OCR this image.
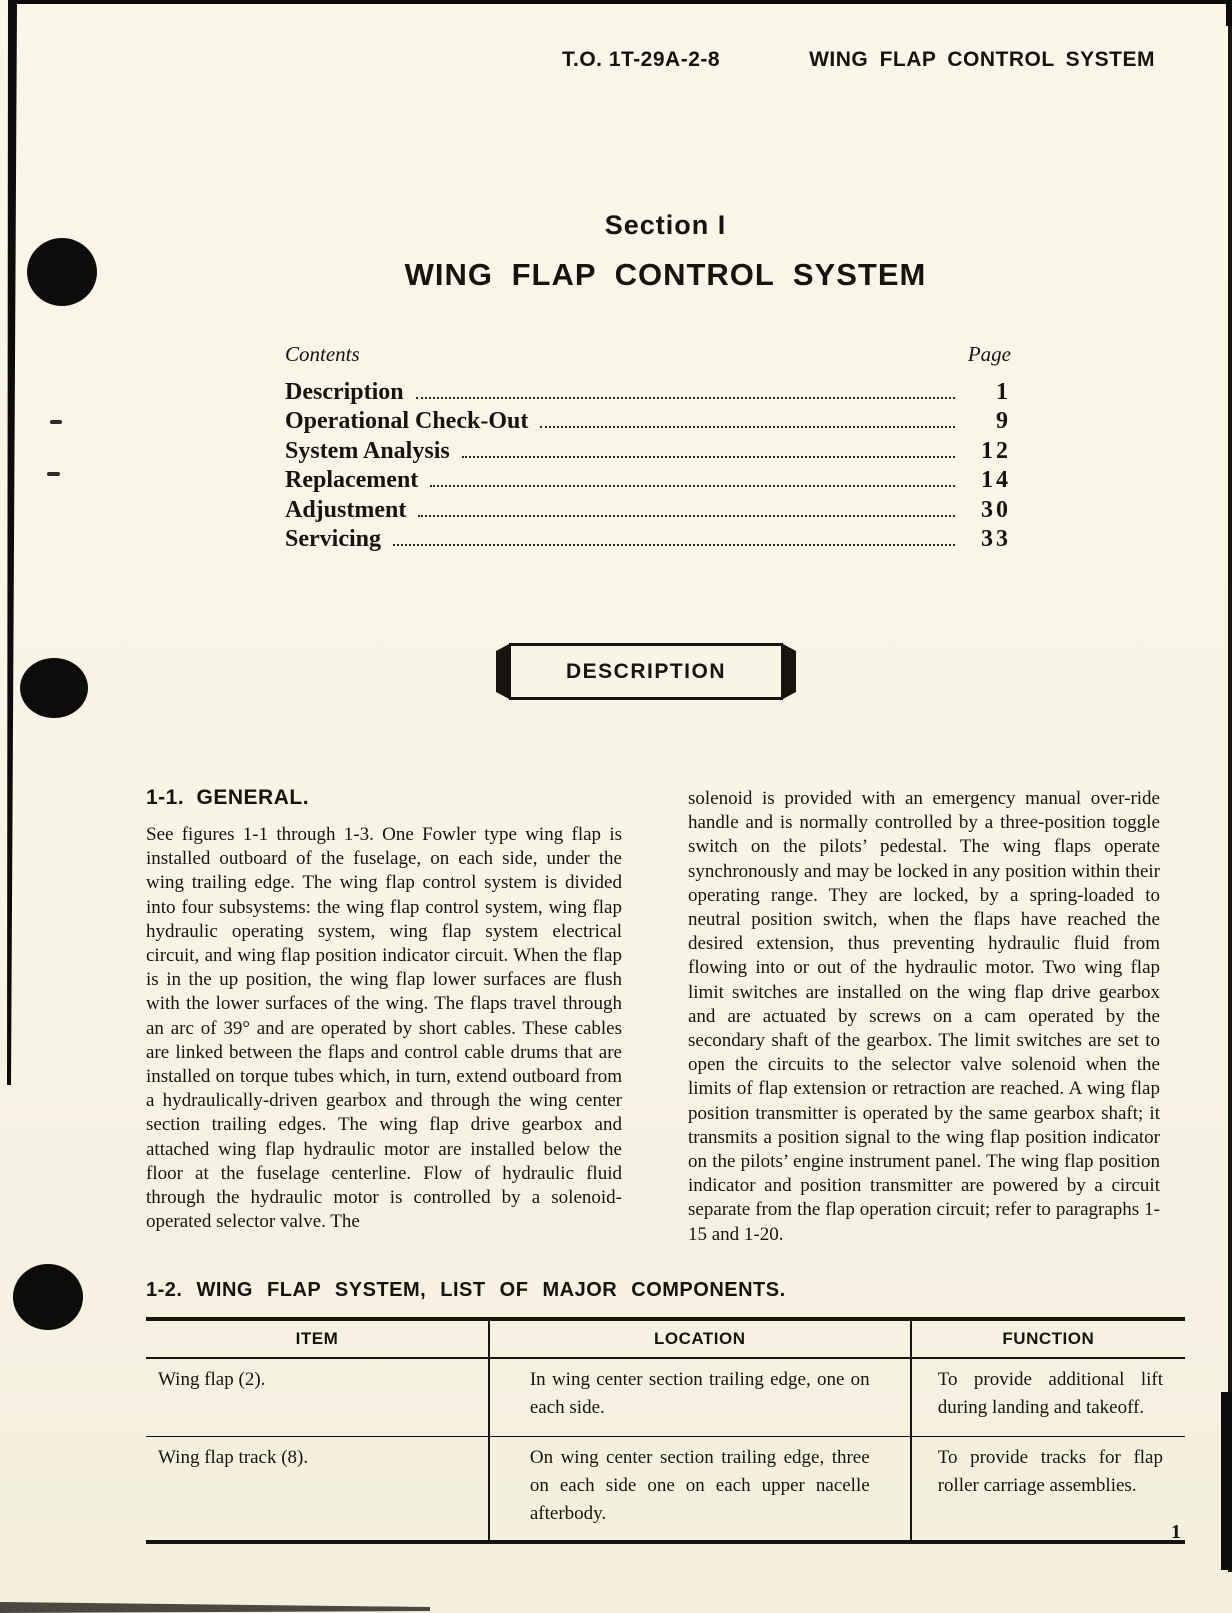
T.O. 1T-29A-2-8	WING FLAP CONTROL SYSTEM
Section I
WING FLAP CONTROL SYSTEM
Contents	Page
Description	1
Operational Check-Out	9
System Analysis	12
Replacement	14
Adjustment	30
Servicing	33
DESCRIPTION

1-1. GENERAL.

See figures 1-1 through 1-3. One Fowler type wing flap is installed outboard of the fuselage, on each side, under the wing trailing edge. The wing flap control system is divided into four subsystems: the wing flap control system, wing flap hydraulic operating system, wing flap system electrical circuit, and wing flap position indicator circuit. When the flap is in the up position, the wing flap lower surfaces are flush with the lower surfaces of the wing. The flaps travel through an arc of 39° and are operated by short cables. These cables are linked between the flaps and control cable drums that are installed on torque tubes which, in turn, extend outboard from a hydraulically-driven gearbox and through the wing center section trailing edges. The wing flap drive gearbox and attached wing flap hydraulic motor are installed below the floor at the fuselage centerline. Flow of hydraulic fluid through the hydraulic motor is controlled by a solenoid-operated selector valve. The

solenoid is provided with an emergency manual over-ride handle and is normally controlled by a three-position toggle switch on the pilots’ pedestal. The wing flaps operate synchronously and may be locked in any position within their operating range. They are locked, by a spring-loaded to neutral position switch, when the flaps have reached the desired extension, thus preventing hydraulic fluid from flowing into or out of the hydraulic motor. Two wing flap limit switches are installed on the wing flap drive gearbox and are actuated by screws on a cam operated by the secondary shaft of the gearbox. The limit switches are set to open the circuits to the selector valve solenoid when the limits of flap extension or retraction are reached. A wing flap position transmitter is operated by the same gearbox shaft; it transmits a position signal to the wing flap position indicator on the pilots’ engine instrument panel. The wing flap position indicator and position transmitter are powered by a circuit separate from the flap operation circuit; refer to paragraphs 1-15 and 1-20.

1-2. WING FLAP SYSTEM, LIST OF MAJOR COMPONENTS.
ITEM	LOCATION	FUNCTION
Wing flap (2).	In wing center section trailing edge, one on each side.	To provide additional lift during landing and takeoff.
Wing flap track (8).	On wing center section trailing edge, three on each side one on each upper nacelle afterbody.	To provide tracks for flap roller carriage assemblies.
1
